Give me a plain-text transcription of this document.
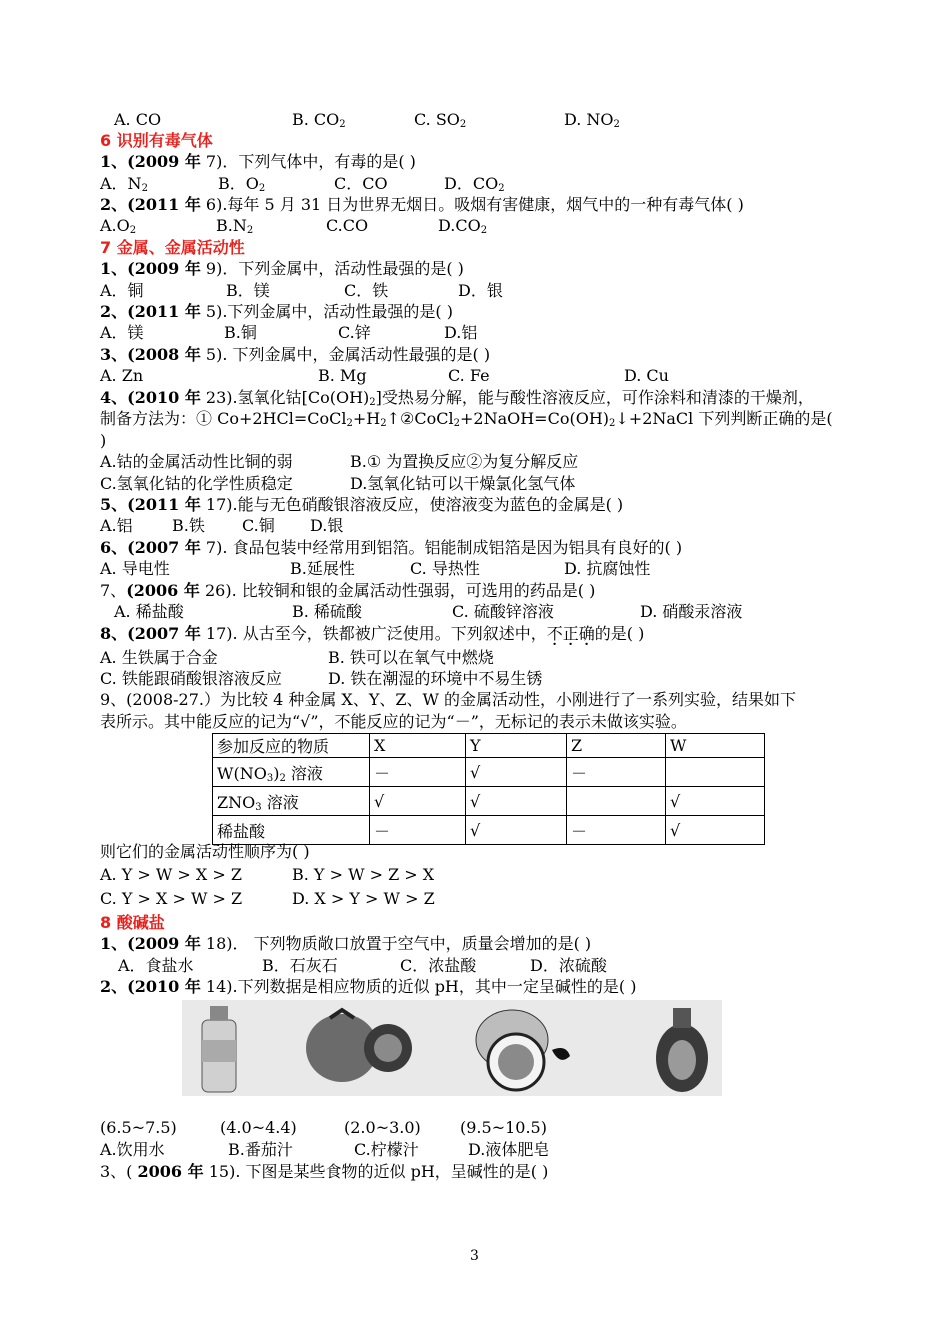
A. CO	B. $CO_2$	C. $SO_2$	D. $NO_2$
6 识别有毒气体
1、(2009 年 7)．下列气体中，有毒的是( )
A．$N_2$	B．$O_2$	C．CO	D．$CO_2$
2、(2011 年 6).每年 5 月 31 日为世界无烟日。吸烟有害健康，烟气中的一种有毒气体( )
$A.O_2$	$B.N_2$	C.CO	$D.CO_2$
7 金属、金属活动性
1、(2009 年 9)．下列金属中，活动性最强的是( )
A．铜	B．镁	C．铁	D．银
2、(2011 年 5).下列金属中，活动性最强的是( )
A．镁	B.铜	C.锌	D.铝
3、(2008 年 5). 下列金属中，金属活动性最强的是( )
A. Zn	B. Mg	C. Fe	D. Cu
4、(2010 年 23).氢氧化钴$[Co(OH)_2]$受热易分解，能与酸性溶液反应，可作涂料和清漆的干燥剂，
制备方法为：① $Co+2HCl=CoCl_2+H_2↑②CoCl_2+2NaOH=Co(OH)_2↓+2NaCl$ 下列判断正确的是(
)
A.钴的金属活动性比铜的弱	B.① 为置换反应②为复分解反应
C.氢氧化钴的化学性质稳定	D.氢氧化钴可以干燥氯化氢气体
5、(2011 年 17).能与无色硝酸银溶液反应，使溶液变为蓝色的金属是( )
A.铝 B.铁 C.铜 D.银
6、(2007 年 7). 食品包装中经常用到铝箔。铝能制成铝箔是因为铝具有良好的( )
A. 导电性	B.延展性	C. 导热性	D. 抗腐蚀性
7、(2006 年 26). 比较铜和银的金属活动性强弱，可选用的药品是( )
A. 稀盐酸	B. 稀硫酸	C. 硫酸锌溶液	D. 硝酸汞溶液
8、(2007 年 17). 从古至今，铁都被广泛使用。下列叙述中，不正确的是( )
A. 生铁属于合金	B. 铁可以在氧气中燃烧
C. 铁能跟硝酸银溶液反应	D. 铁在潮湿的环境中不易生锈
9、(2008-27.）为比较 4 种金属 X、Y、Z、W 的金属活动性，小刚进行了一系列实验，结果如下
表所示。其中能反应的记为“√”，不能反应的记为“－”，无标记的表示未做该实验。
参加反应的物质	X	Y	Z	W
$W(NO_3)_2$ 溶液	－	√	－	
$ZNO_3$ 溶液	√	√		√
稀盐酸	－	√	－	√
则它们的金属活动性顺序为( )
A. Y > W > X > Z	B. Y > W > Z > X
C. Y > X > W > Z	D. X > Y > W > Z
8 酸碱盐
1、(2009 年 18)． 下列物质敞口放置于空气中，质量会增加的是( )
A．食盐水	B．石灰石	C．浓盐酸	D．浓硫酸
2、(2010 年 14).下列数据是相应物质的近似 pH，其中一定呈碱性的是( )
(6.5~7.5)	(4.0~4.4)	(2.0~3.0) (9.5~10.5)
A.饮用水	B.番茄汁	C.柠檬汁	D.液体肥皂
3、( 2006 年 15). 下图是某些食物的近似 pH，呈碱性的是( )
3
